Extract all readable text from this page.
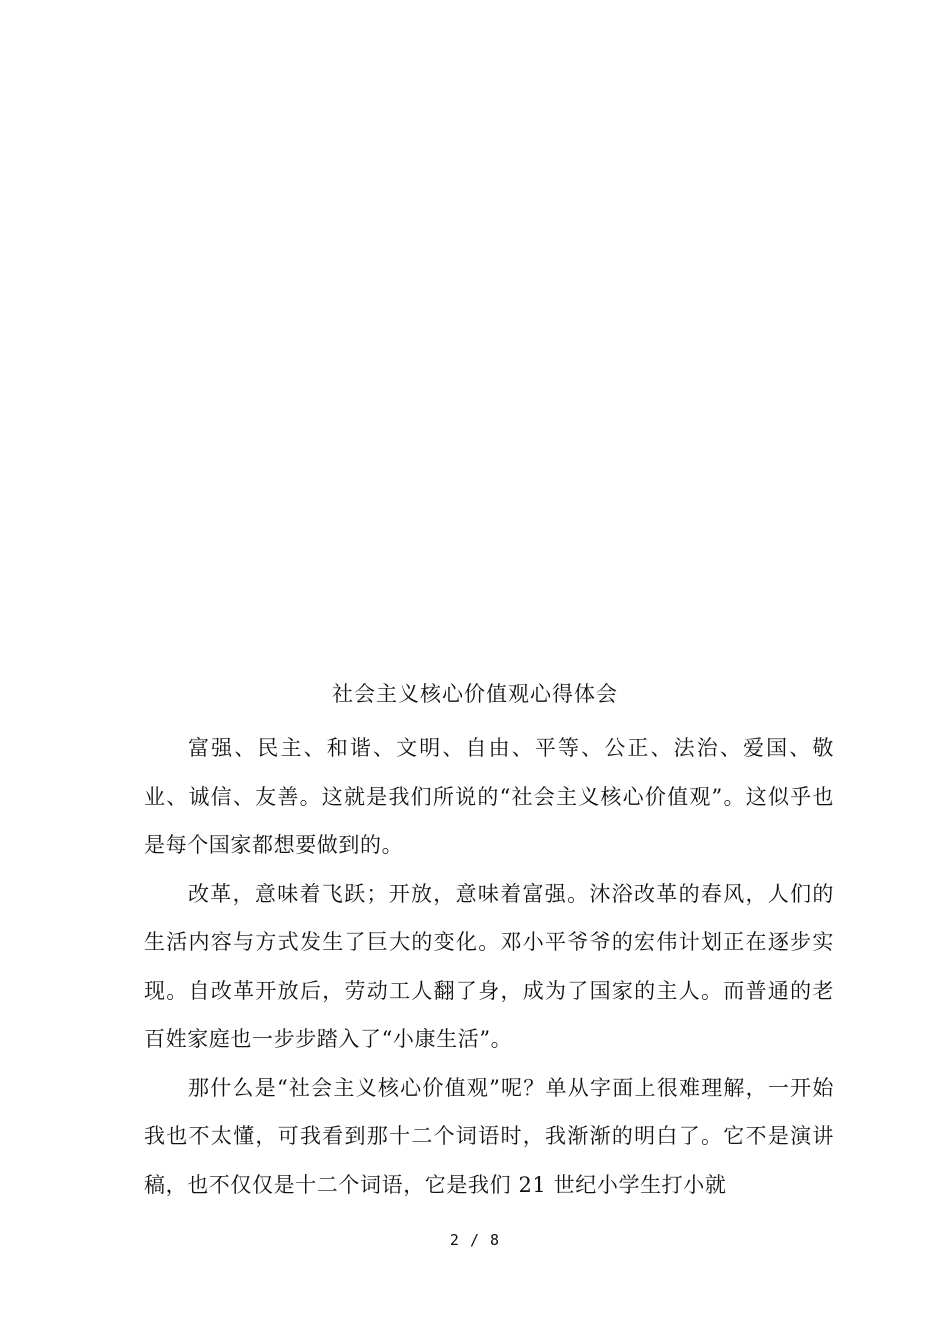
社会主义核心价值观心得体会

富强、民主、和谐、文明、自由、平等、公正、法治、爱国、敬业、诚信、友善。这就是我们所说的“社会主义核心价值观”。这似乎也是每个国家都想要做到的。

改革，意味着飞跃；开放，意味着富强。沐浴改革的春风，人们的生活内容与方式发生了巨大的变化。邓小平爷爷的宏伟计划正在逐步实现。自改革开放后，劳动工人翻了身，成为了国家的主人。而普通的老百姓家庭也一步步踏入了“小康生活”。

那什么是“社会主义核心价值观”呢？单从字面上很难理解，一开始我也不太懂，可我看到那十二个词语时，我渐渐的明白了。它不是演讲稿，也不仅仅是十二个词语，它是我们 21 世纪小学生打小就

2 / 8
